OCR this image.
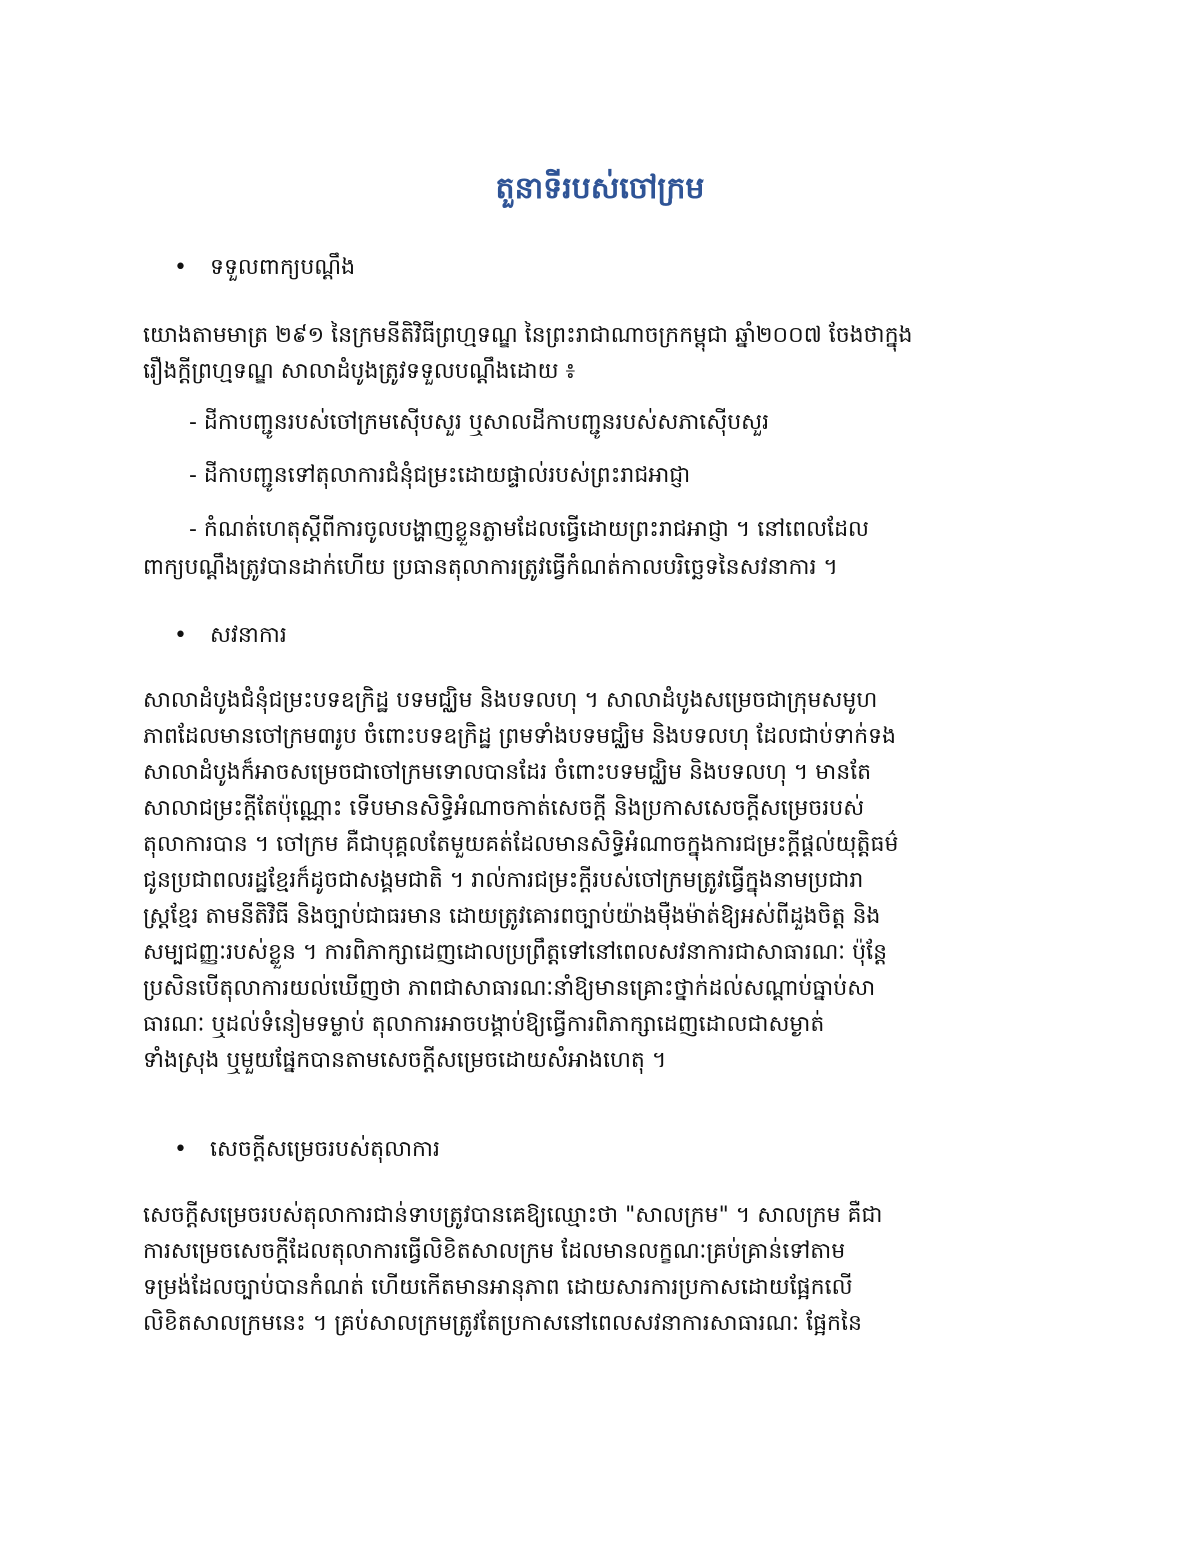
តួនាទីរបស់ចៅក្រម
• ទទួលពាក្យបណ្តឹង
យោងតាមមាត្រ ២៩១ នៃក្រមនីតិវិធីព្រហ្មទណ្ឌ នៃព្រះរាជាណាចក្រកម្ពុជា ឆ្នាំ២០០៧ ចែងថាក្នុង
រឿងក្តីព្រហ្មទណ្ឌ សាលាដំបូងត្រូវទទួលបណ្តឹងដោយ ៖
- ដីកាបញ្ជូនរបស់ចៅក្រមស៊ើបសួរ ឬសាលដីកាបញ្ជូនរបស់សភាស៊ើបសួរ
- ដីកាបញ្ជូនទៅតុលាការជំនុំជម្រះដោយផ្ទាល់របស់ព្រះរាជអាជ្ញា
- កំណត់ហេតុស្តីពីការចូលបង្ហាញខ្លួនភ្លាមដែលធ្វើដោយព្រះរាជអាជ្ញា ។ នៅពេលដែល
ពាក្យបណ្តឹងត្រូវបានដាក់ហើយ ប្រធានតុលាការត្រូវធ្វើកំណត់កាលបរិច្ឆេទនៃសវនាការ ។
• សវនាការ
សាលាដំបូងជំនុំជម្រះបទឧក្រិដ្ឋ បទមជ្ឈិម និងបទលហុ ។ សាលាដំបូងសម្រេចជាក្រុមសមូហ
ភាពដែលមានចៅក្រម៣រូប ចំពោះបទឧក្រិដ្ឋ ព្រមទាំងបទមជ្ឈិម និងបទលហុ ដែលជាប់ទាក់ទង
សាលាដំបូងក៏អាចសម្រេចជាចៅក្រមទោលបានដែរ ចំពោះបទមជ្ឈិម និងបទលហុ ។ មានតែ
សាលាជម្រះក្តីតែប៉ុណ្ណោះ ទើបមានសិទ្ធិអំណាចកាត់សេចក្តី និងប្រកាសសេចក្តីសម្រេចរបស់
តុលាការបាន ។ ចៅក្រម គឺជាបុគ្គលតែមួយគត់ដែលមានសិទ្ធិអំណាចក្នុងការជម្រះក្តីផ្តល់យុត្តិធម៌
ជូនប្រជាពលរដ្ឋខ្មែរក៏ដូចជាសង្គមជាតិ ។ រាល់ការជម្រះក្តីរបស់ចៅក្រមត្រូវធ្វើក្នុងនាមប្រជារា
ស្ត្រខ្មែរ តាមនីតិវិធី និងច្បាប់ជាធរមាន ដោយត្រូវគោរពច្បាប់យ៉ាងម៉ឺងម៉ាត់ឱ្យអស់ពីដួងចិត្ត និង
សម្បជញ្ញៈរបស់ខ្លួន ។ ការពិភាក្សាដេញដោលប្រព្រឹត្តទៅនៅពេលសវនាការជាសាធារណៈ ប៉ុន្តែ
ប្រសិនបើតុលាការយល់ឃើញថា ភាពជាសាធារណៈនាំឱ្យមានគ្រោះថ្នាក់ដល់សណ្តាប់ធ្នាប់សា
ធារណៈ ឬដល់ទំនៀមទម្លាប់ តុលាការអាចបង្គាប់ឱ្យធ្វើការពិភាក្សាដេញដោលជាសម្ងាត់
ទាំងស្រុង ឬមួយផ្នែកបានតាមសេចក្តីសម្រេចដោយសំអាងហេតុ ។
• សេចក្តីសម្រេចរបស់តុលាការ
សេចក្តីសម្រេចរបស់តុលាការជាន់ទាបត្រូវបានគេឱ្យឈ្មោះថា "សាលក្រម" ។ សាលក្រម គឺជា
ការសម្រេចសេចក្តីដែលតុលាការធ្វើលិខិតសាលក្រម ដែលមានលក្ខណៈគ្រប់គ្រាន់ទៅតាម
ទម្រង់ដែលច្បាប់បានកំណត់ ហើយកើតមានអានុភាព ដោយសារការប្រកាសដោយផ្អែកលើ
លិខិតសាលក្រមនេះ ។ គ្រប់សាលក្រមត្រូវតែប្រកាសនៅពេលសវនាការសាធារណៈ ផ្អែកនៃ
